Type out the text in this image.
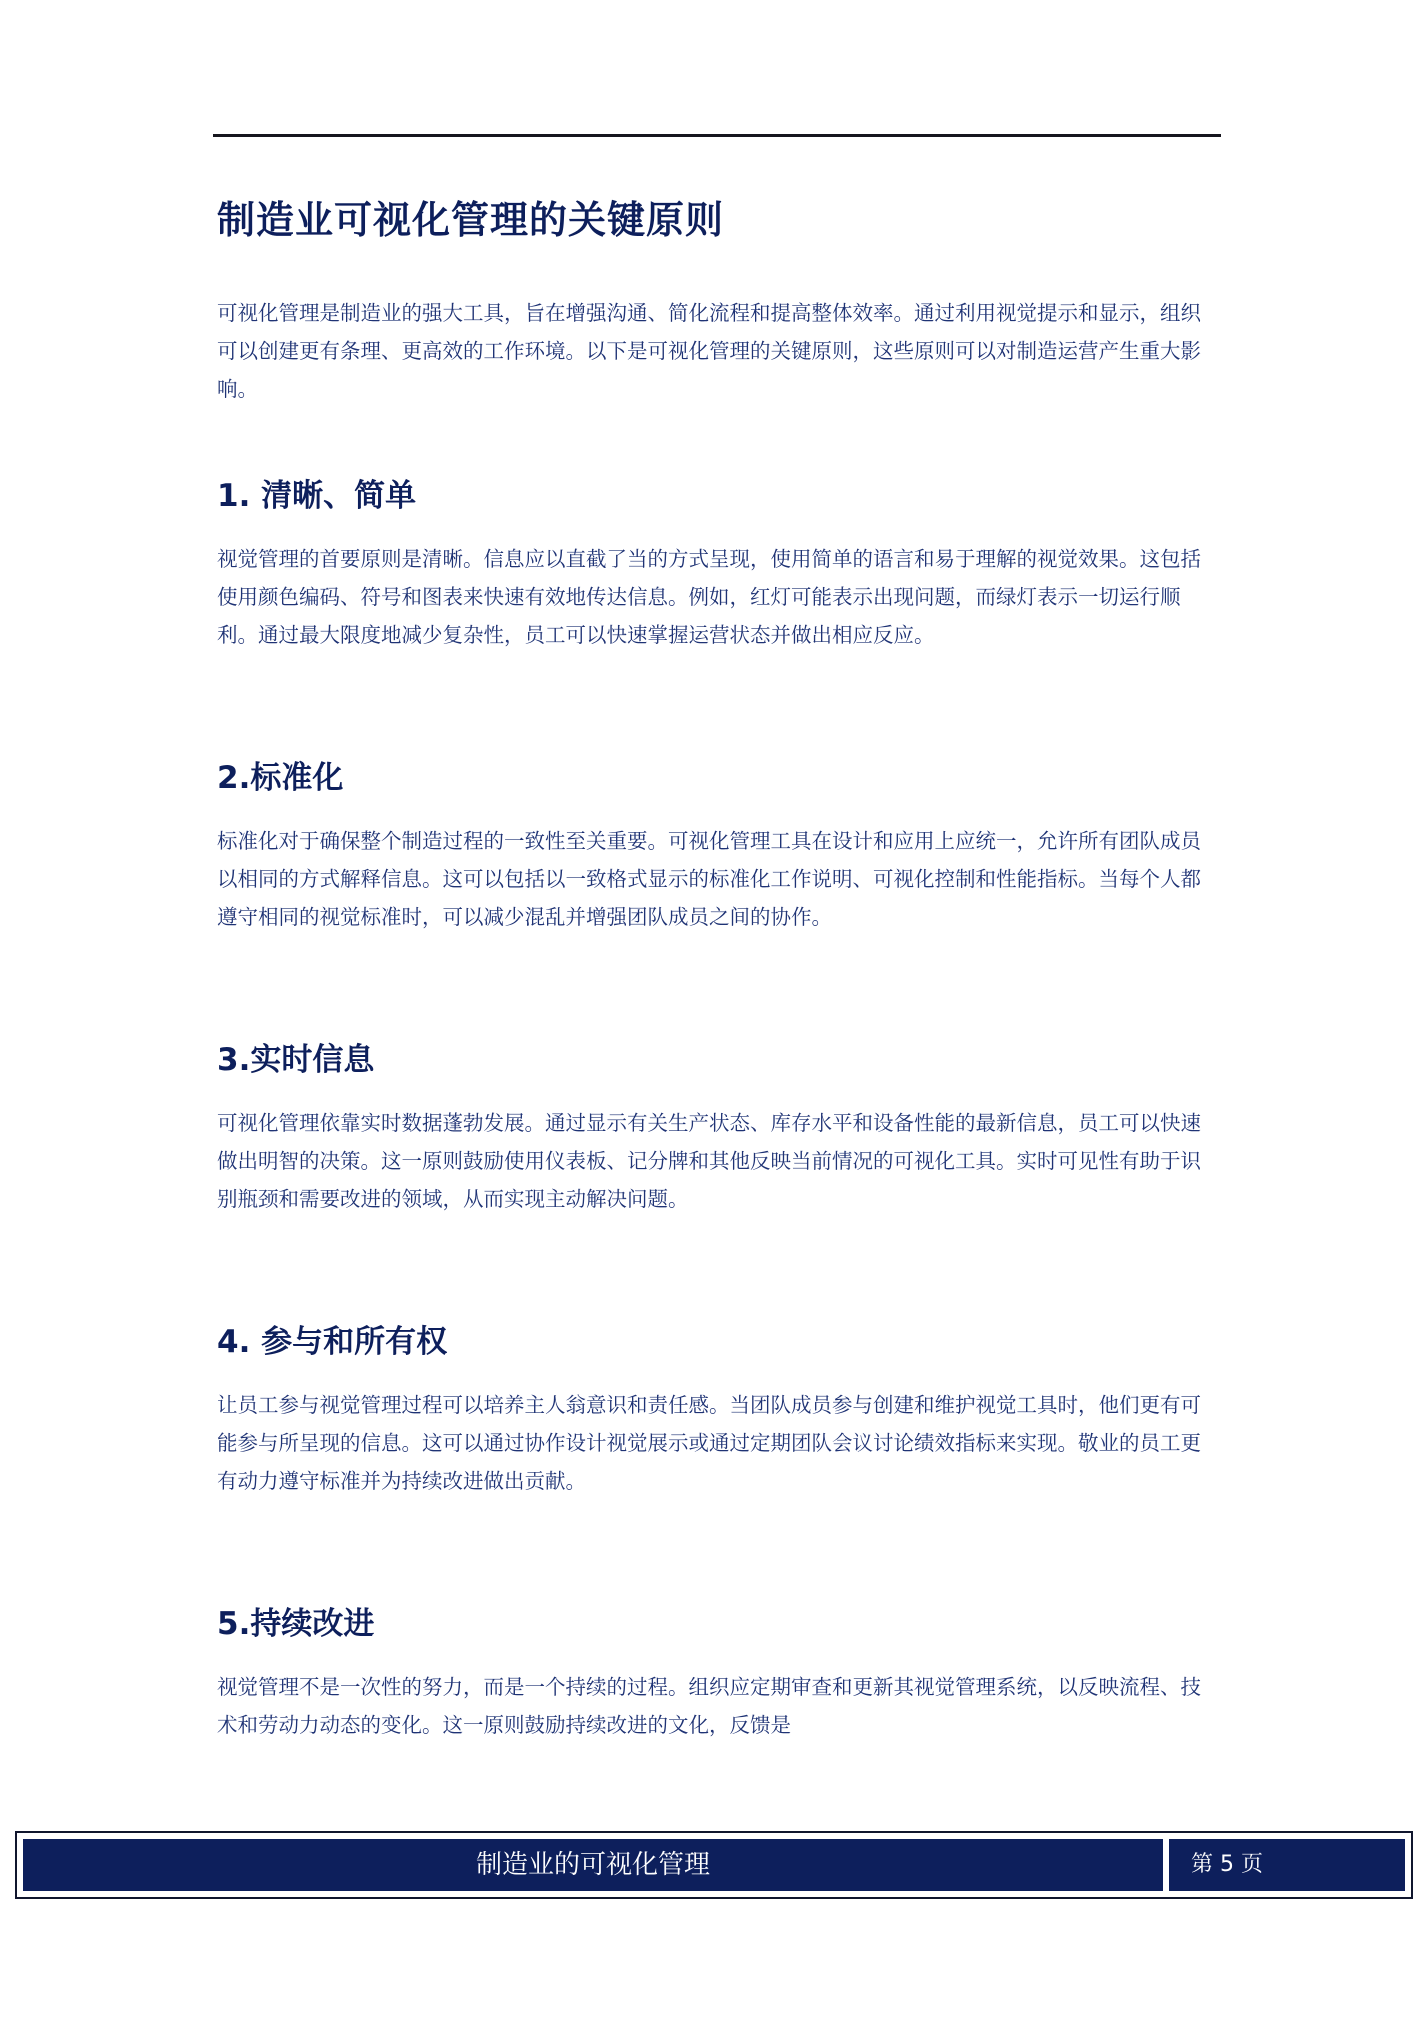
制造业可视化管理的关键原则

可视化管理是制造业的强大工具，旨在增强沟通、简化流程和提高整体效率。通过利用视觉提示和显示，组织可以创建更有条理、更高效的工作环境。以下是可视化管理的关键原则，这些原则可以对制造运营产生重大影响。

1. 清晰、简单

视觉管理的首要原则是清晰。信息应以直截了当的方式呈现，使用简单的语言和易于理解的视觉效果。这包括使用颜色编码、符号和图表来快速有效地传达信息。例如，红灯可能表示出现问题，而绿灯表示一切运行顺利。通过最大限度地减少复杂性，员工可以快速掌握运营状态并做出相应反应。

2.标准化

标准化对于确保整个制造过程的一致性至关重要。可视化管理工具在设计和应用上应统一，允许所有团队成员以相同的方式解释信息。这可以包括以一致格式显示的标准化工作说明、可视化控制和性能指标。当每个人都遵守相同的视觉标准时，可以减少混乱并增强团队成员之间的协作。

3.实时信息

可视化管理依靠实时数据蓬勃发展。通过显示有关生产状态、库存水平和设备性能的最新信息，员工可以快速做出明智的决策。这一原则鼓励使用仪表板、记分牌和其他反映当前情况的可视化工具。实时可见性有助于识别瓶颈和需要改进的领域，从而实现主动解决问题。

4. 参与和所有权

让员工参与视觉管理过程可以培养主人翁意识和责任感。当团队成员参与创建和维护视觉工具时，他们更有可能参与所呈现的信息。这可以通过协作设计视觉展示或通过定期团队会议讨论绩效指标来实现。敬业的员工更有动力遵守标准并为持续改进做出贡献。

5.持续改进

视觉管理不是一次性的努力，而是一个持续的过程。组织应定期审查和更新其视觉管理系统，以反映流程、技术和劳动力动态的变化。这一原则鼓励持续改进的文化，反馈是

制造业的可视化管理	第 5 页
